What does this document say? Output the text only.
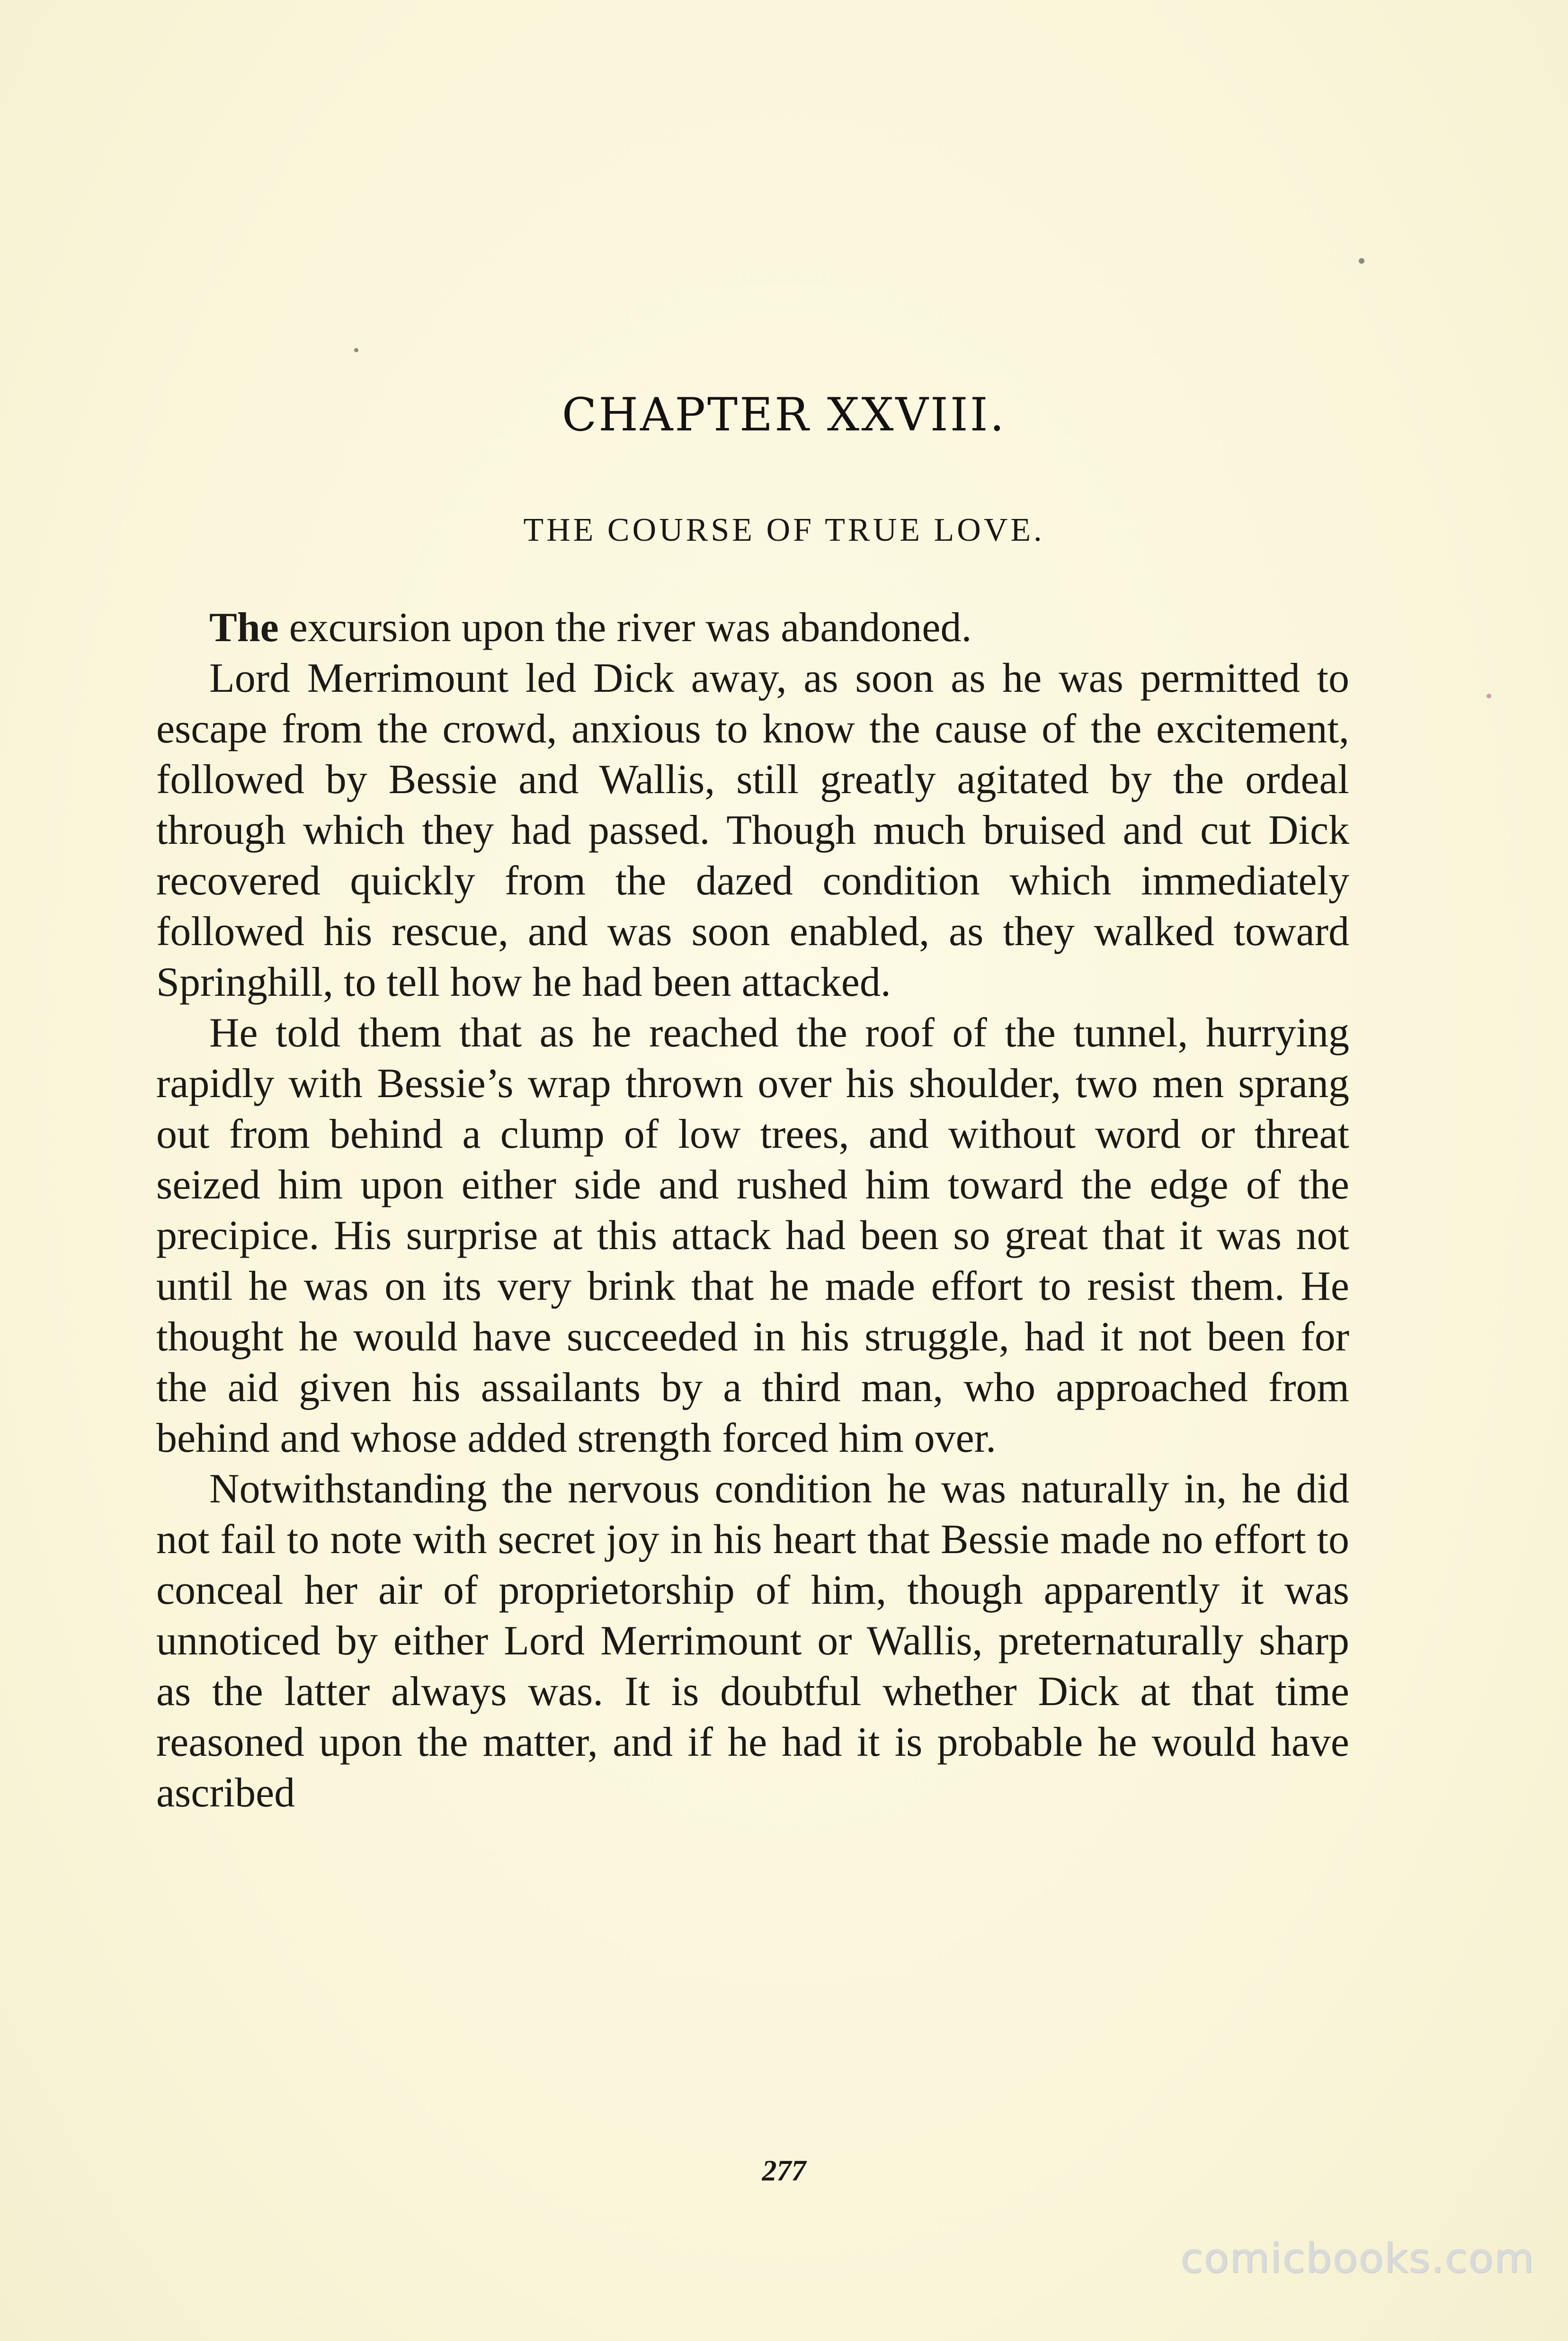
CHAPTER XXVIII.
THE COURSE OF TRUE LOVE.

The excursion upon the river was abandoned.

Lord Merrimount led Dick away, as soon as he was permitted to escape from the crowd, anxious to know the cause of the excitement, followed by Bessie and Wallis, still greatly agitated by the ordeal through which they had passed. Though much bruised and cut Dick recovered quickly from the dazed condition which immediately followed his rescue, and was soon enabled, as they walked toward Springhill, to tell how he had been attacked.

He told them that as he reached the roof of the tunnel, hurrying rapidly with Bessie’s wrap thrown over his shoulder, two men sprang out from behind a clump of low trees, and without word or threat seized him upon either side and rushed him toward the edge of the precipice. His surprise at this attack had been so great that it was not until he was on its very brink that he made effort to resist them. He thought he would have succeeded in his struggle, had it not been for the aid given his assailants by a third man, who approached from behind and whose added strength forced him over.

Notwithstanding the nervous condition he was naturally in, he did not fail to note with secret joy in his heart that Bessie made no effort to conceal her air of proprietorship of him, though apparently it was unnoticed by either Lord Merrimount or Wallis, preternaturally sharp as the latter always was. It is doubtful whether Dick at that time reasoned upon the matter, and if he had it is probable he would have ascribed

277
comicbooks.com
